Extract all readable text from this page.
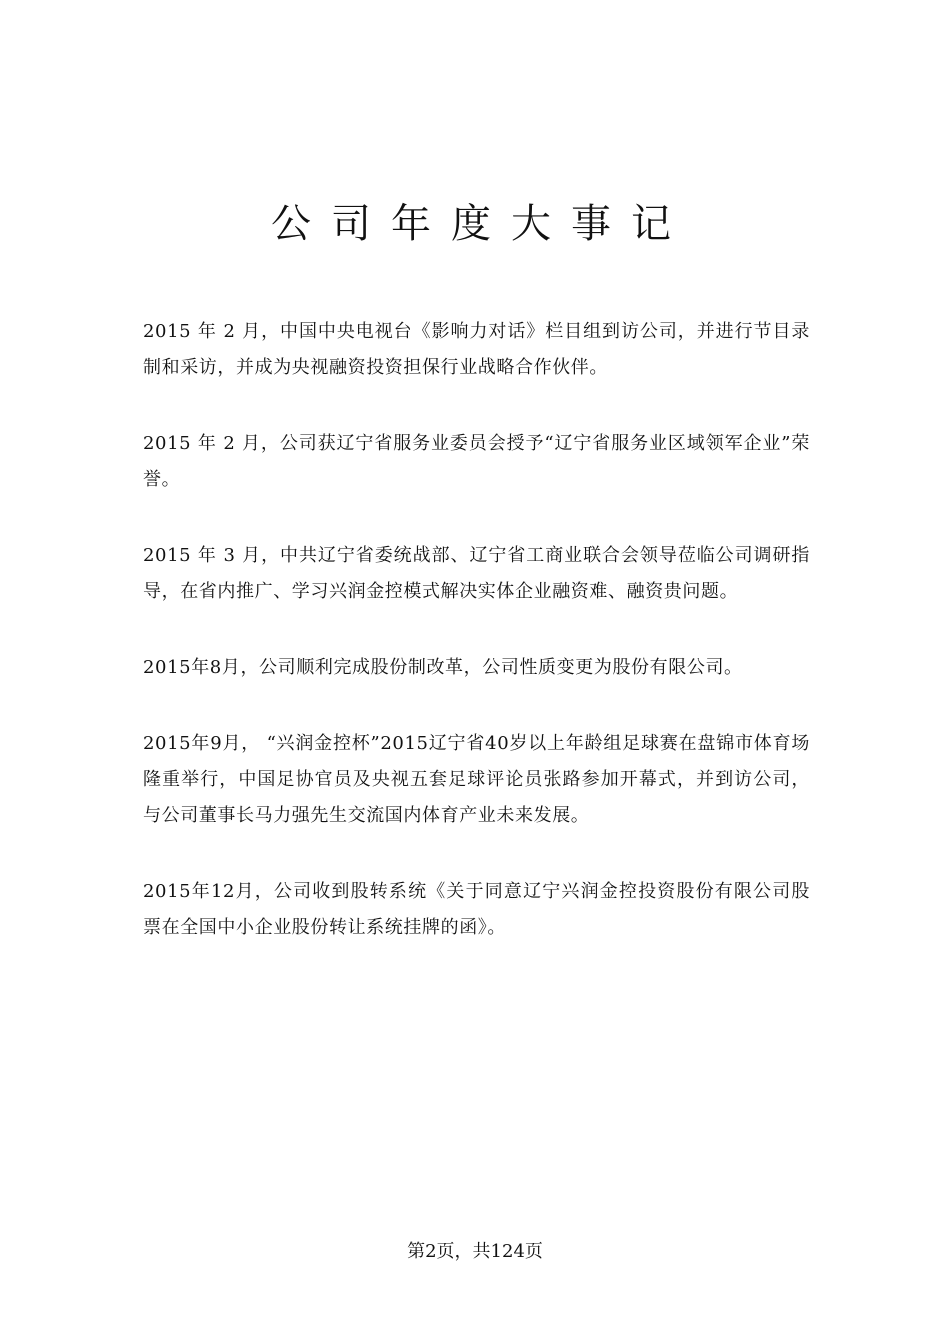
公司年度大事记

2015 年 2 月，中国中央电视台《影响力对话》栏目组到访公司，并进行节目录制和采访，并成为央视融资投资担保行业战略合作伙伴。

2015 年 2 月，公司获辽宁省服务业委员会授予“辽宁省服务业区域领军企业”荣誉。

2015 年 3 月，中共辽宁省委统战部、辽宁省工商业联合会领导莅临公司调研指导，在省内推广、学习兴润金控模式解决实体企业融资难、融资贵问题。

2015年8月，公司顺利完成股份制改革，公司性质变更为股份有限公司。

2015年9月， “兴润金控杯”2015辽宁省40岁以上年龄组足球赛在盘锦市体育场隆重举行，中国足协官员及央视五套足球评论员张路参加开幕式，并到访公司，与公司董事长马力强先生交流国内体育产业未来发展。

2015年12月，公司收到股转系统《关于同意辽宁兴润金控投资股份有限公司股票在全国中小企业股份转让系统挂牌的函》。

第2页，共124页
